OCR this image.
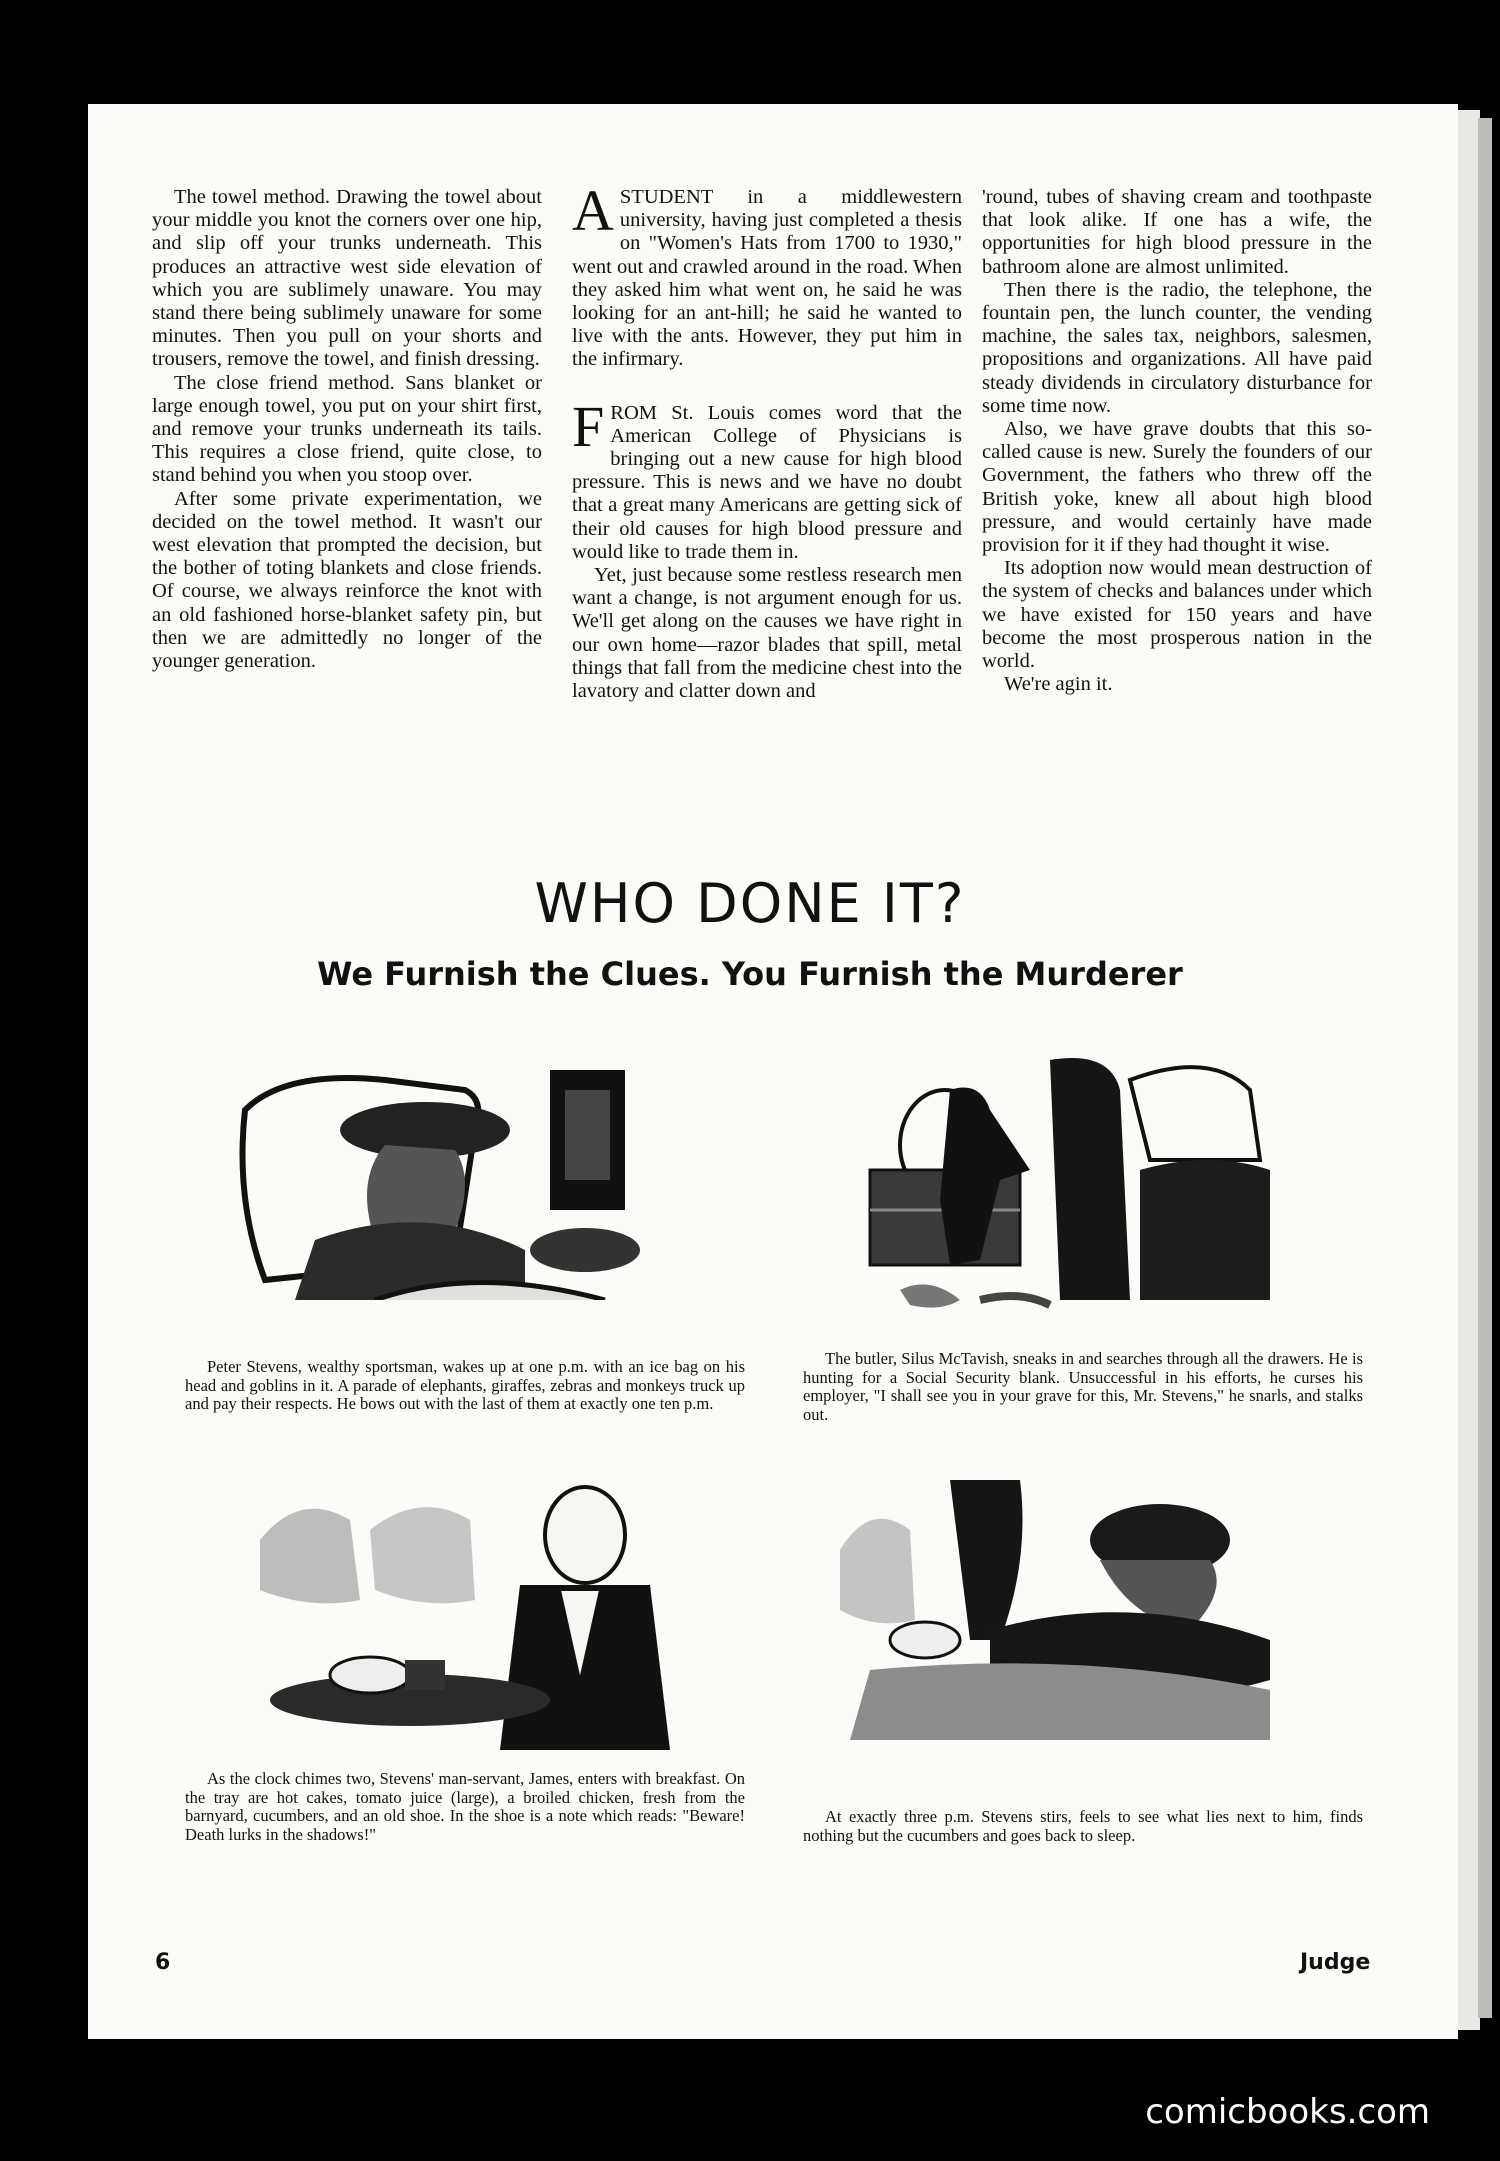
The towel method. Drawing the towel about your middle you knot the corners over one hip, and slip off your trunks underneath. This produces an attractive west side elevation of which you are sublimely unaware. You may stand there being sublimely unaware for some minutes. Then you pull on your shorts and trousers, remove the towel, and finish dressing.

The close friend method. Sans blanket or large enough towel, you put on your shirt first, and remove your trunks underneath its tails. This requires a close friend, quite close, to stand behind you when you stoop over.

After some private experimentation, we decided on the towel method. It wasn't our west elevation that prompted the decision, but the bother of toting blankets and close friends. Of course, we always reinforce the knot with an old fashioned horse-blanket safety pin, but then we are admittedly no longer of the younger generation.

ASTUDENT in a middlewestern university, having just completed a thesis on "Women's Hats from 1700 to 1930," went out and crawled around in the road. When they asked him what went on, he said he was looking for an ant-hill; he said he wanted to live with the ants. However, they put him in the infirmary.

FROM St. Louis comes word that the American College of Physicians is bringing out a new cause for high blood pressure. This is news and we have no doubt that a great many Americans are getting sick of their old causes for high blood pressure and would like to trade them in.

Yet, just because some restless research men want a change, is not argument enough for us. We'll get along on the causes we have right in our own home—razor blades that spill, metal things that fall from the medicine chest into the lavatory and clatter down and

'round, tubes of shaving cream and toothpaste that look alike. If one has a wife, the opportunities for high blood pressure in the bathroom alone are almost unlimited.

Then there is the radio, the telephone, the fountain pen, the lunch counter, the vending machine, the sales tax, neighbors, salesmen, propositions and organizations. All have paid steady dividends in circulatory disturbance for some time now.

Also, we have grave doubts that this so-called cause is new. Surely the founders of our Government, the fathers who threw off the British yoke, knew all about high blood pressure, and would certainly have made provision for it if they had thought it wise.

Its adoption now would mean destruction of the system of checks and balances under which we have existed for 150 years and have become the most prosperous nation in the world.

We're agin it.

WHO DONE IT?
We Furnish the Clues. You Furnish the Murderer
Peter Stevens, wealthy sportsman, wakes up at one p.m. with an ice bag on his head and goblins in it. A parade of elephants, giraffes, zebras and monkeys truck up and pay their respects. He bows out with the last of them at exactly one ten p.m.
The butler, Silus McTavish, sneaks in and searches through all the drawers. He is hunting for a Social Security blank. Unsuccessful in his efforts, he curses his employer, "I shall see you in your grave for this, Mr. Stevens," he snarls, and stalks out.
As the clock chimes two, Stevens' man-servant, James, enters with breakfast. On the tray are hot cakes, tomato juice (large), a broiled chicken, fresh from the barnyard, cucumbers, and an old shoe. In the shoe is a note which reads: "Beware! Death lurks in the shadows!"
At exactly three p.m. Stevens stirs, feels to see what lies next to him, finds nothing but the cucumbers and goes back to sleep.
6	Judge
comicbooks.com
